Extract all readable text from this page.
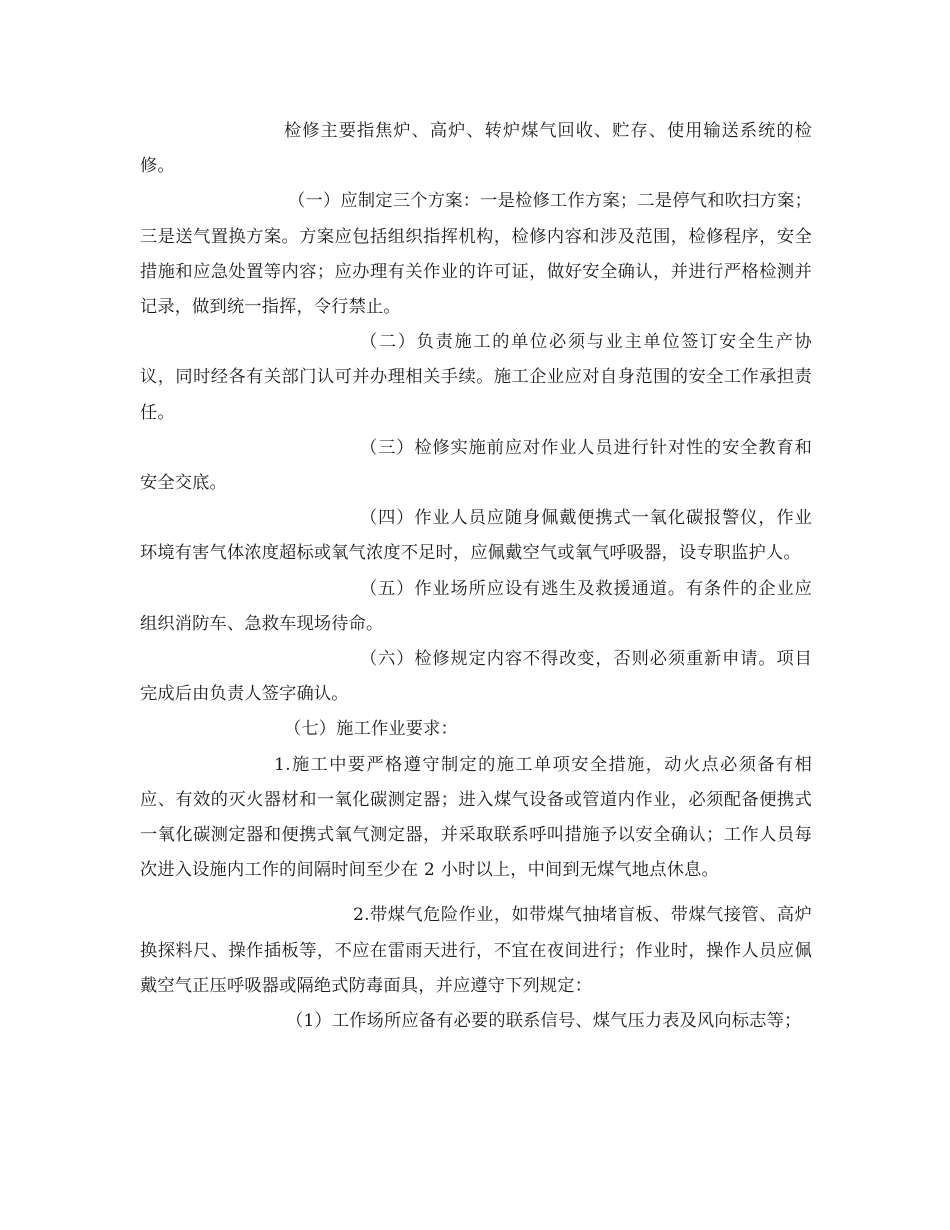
检修主要指焦炉、高炉、转炉煤气回收、贮存、使用输送系统的检修。

（一）应制定三个方案：一是检修工作方案；二是停气和吹扫方案；三是送气置换方案。方案应包括组织指挥机构，检修内容和涉及范围，检修程序，安全措施和应急处置等内容；应办理有关作业的许可证，做好安全确认，并进行严格检测并记录，做到统一指挥，令行禁止。

（二）负责施工的单位必须与业主单位签订安全生产协议，同时经各有关部门认可并办理相关手续。施工企业应对自身范围的安全工作承担责任。

（三）检修实施前应对作业人员进行针对性的安全教育和安全交底。

（四）作业人员应随身佩戴便携式一氧化碳报警仪，作业环境有害气体浓度超标或氧气浓度不足时，应佩戴空气或氧气呼吸器，设专职监护人。

（五）作业场所应设有逃生及救援通道。有条件的企业应组织消防车、急救车现场待命。

（六）检修规定内容不得改变，否则必须重新申请。项目完成后由负责人签字确认。

（七）施工作业要求：

1.施工中要严格遵守制定的施工单项安全措施，动火点必须备有相应、有效的灭火器材和一氧化碳测定器；进入煤气设备或管道内作业，必须配备便携式一氧化碳测定器和便携式氧气测定器，并采取联系呼叫措施予以安全确认；工作人员每次进入设施内工作的间隔时间至少在 2 小时以上，中间到无煤气地点休息。

2.带煤气危险作业，如带煤气抽堵盲板、带煤气接管、高炉换探料尺、操作插板等，不应在雷雨天进行，不宜在夜间进行；作业时，操作人员应佩戴空气正压呼吸器或隔绝式防毒面具，并应遵守下列规定：

（1）工作场所应备有必要的联系信号、煤气压力表及风向标志等；
